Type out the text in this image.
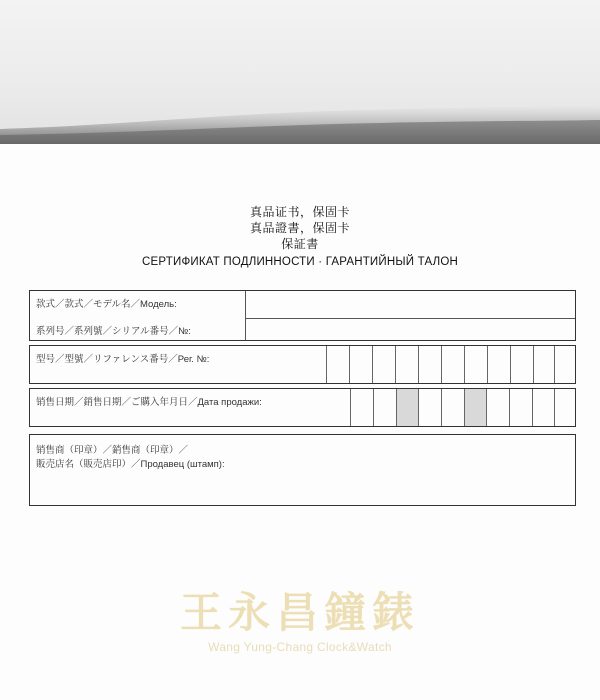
真品证书，保固卡
真品證書，保固卡
保証書
СЕРТИФИКАТ ПОДЛИННОСТИ · ГАРАНТИЙНЫЙ ТАЛОН
款式／款式／モデル名／Модель:
系列号／系列號／シリアル番号／№:
型号／型號／リファレンス番号／Рег. №:
销售日期／銷售日期／ご購入年月日／Дата продажи:
销售商（印章）／銷售商（印章）／
販売店名（販売店印）／Продавец (штамп):
王永昌鐘錶
Wang Yung-Chang Clock&Watch
